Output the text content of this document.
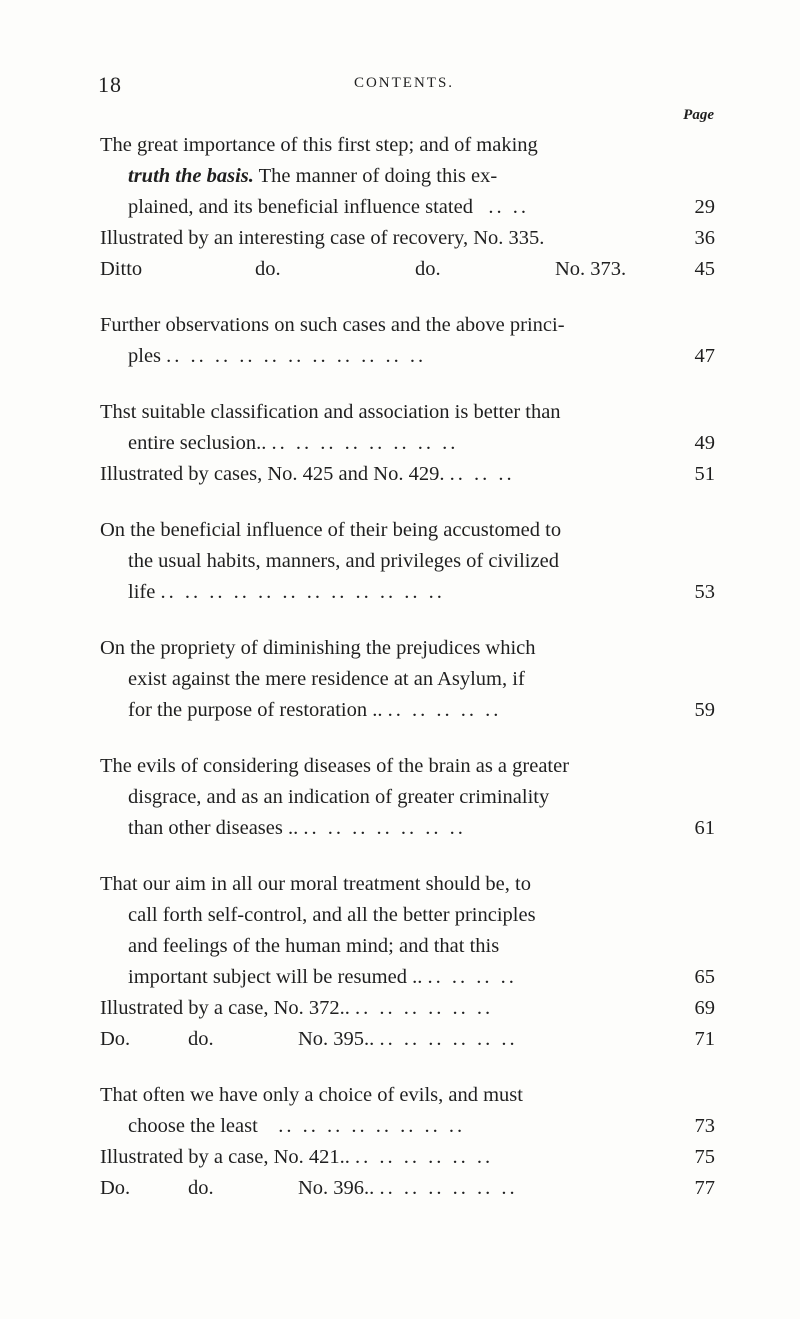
18	CONTENTS.
Page
The great importance of this first step; and of making
truth the basis. The manner of doing this ex-
plained, and its beneficial influence stated .. ..	29
Illustrated by an interesting case of recovery, No. 335.	36
Ditto	do.	do.	No. 373.	45
Further observations on such cases and the above princi-
ples .. .. .. .. .. .. .. .. .. .. ..	47
Thst suitable classification and association is better than
entire seclusion.. .. .. .. .. .. .. .. ..	49
Illustrated by cases, No. 425 and No. 429. .. .. ..	51
On the beneficial influence of their being accustomed to
the usual habits, manners, and privileges of civilized
life .. .. .. .. .. .. .. .. .. .. .. ..	53
On the propriety of diminishing the prejudices which
exist against the mere residence at an Asylum, if
for the purpose of restoration .. .. .. .. .. ..	59
The evils of considering diseases of the brain as a greater
disgrace, and as an indication of greater criminality
than other diseases .. .. .. .. .. .. .. ..	61
That our aim in all our moral treatment should be, to
call forth self-control, and all the better principles
and feelings of the human mind; and that this
important subject will be resumed .. .. .. .. ..	65
Illustrated by a case, No. 372.. .. .. .. .. .. ..	69
Do.	do.	No. 395.. .. .. .. .. .. ..	71
That often we have only a choice of evils, and must
choose the least .. .. .. .. .. .. .. ..	73
Illustrated by a case, No. 421.. .. .. .. .. .. ..	75
Do.	do.	No. 396.. .. .. .. .. .. ..	77
